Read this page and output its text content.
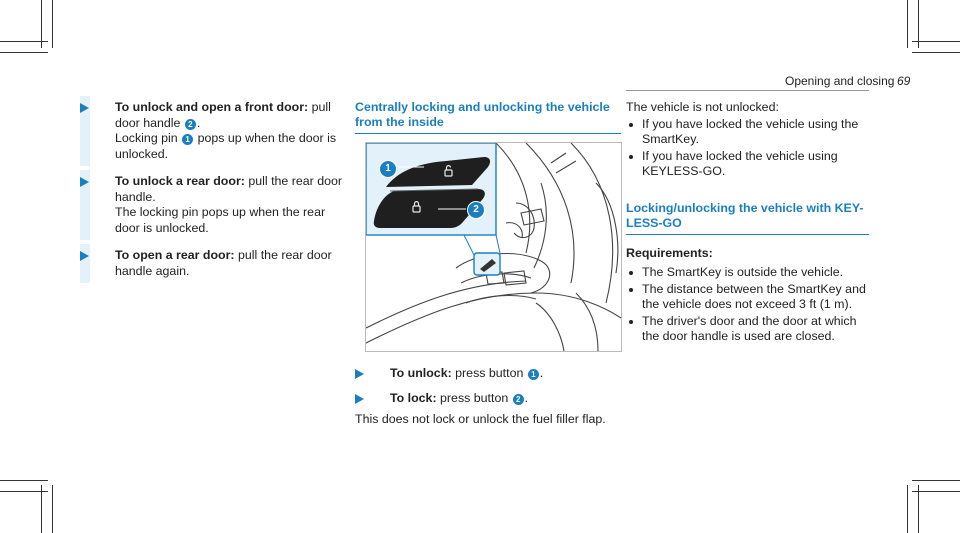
Opening and closing 69

To unlock and open a front door: pull door handle 2 .
Locking pin 1 pops up when the door is unlocked.

To unlock a rear door: pull the rear door handle.
The locking pin pops up when the rear door is unlocked.

To open a rear door: pull the rear door handle again.

Centrally locking and unlocking the vehicle
from the inside

1
2

To unlock: press button 1 .

To lock: press button 2 .

This does not lock or unlock the fuel filler flap.

The vehicle is not unlocked:

If you have locked the vehicle using the SmartKey.
If you have locked the vehicle using KEYLESS-GO.

Locking/unlocking the vehicle with KEY-
LESS-GO

Requirements:

The SmartKey is outside the vehicle.
The distance between the SmartKey and the vehicle does not exceed 3 ft (1 m).
The driver's door and the door at which the door handle is used are closed.
